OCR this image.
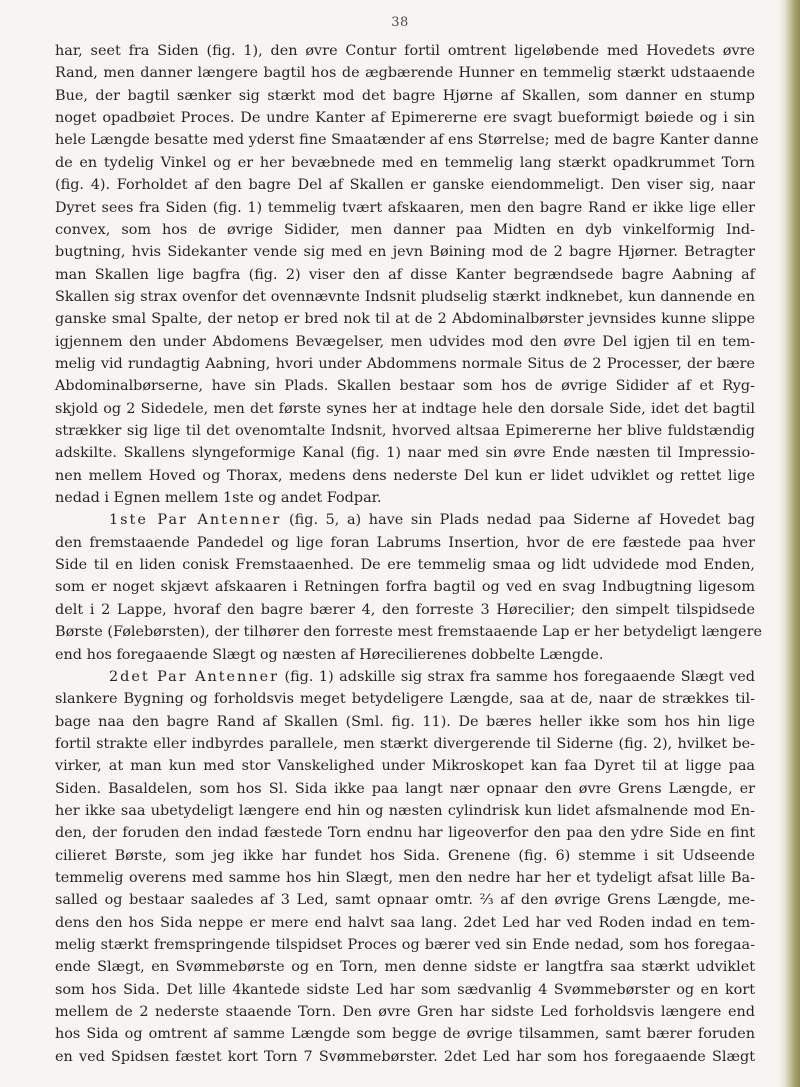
38
har, seet fra Siden (fig. 1), den øvre Contur fortil omtrent ligeløbende med Hovedets øvre
Rand, men danner længere bagtil hos de ægbærende Hunner en temmelig stærkt udstaaende
Bue, der bagtil sænker sig stærkt mod det bagre Hjørne af Skallen, som danner en stump
noget opadbøiet Proces. De undre Kanter af Epimererne ere svagt bueformigt bøiede og i sin
hele Længde besatte med yderst fine Smaatænder af ens Størrelse; med de bagre Kanter danne
de en tydelig Vinkel og er her bevæbnede med en temmelig lang stærkt opadkrummet Torn
(fig. 4). Forholdet af den bagre Del af Skallen er ganske eiendommeligt. Den viser sig, naar
Dyret sees fra Siden (fig. 1) temmelig tvært afskaaren, men den bagre Rand er ikke lige eller
convex, som hos de øvrige Sidider, men danner paa Midten en dyb vinkelformig Ind-
bugtning, hvis Sidekanter vende sig med en jevn Bøining mod de 2 bagre Hjørner. Betragter
man Skallen lige bagfra (fig. 2) viser den af disse Kanter begrændsede bagre Aabning af
Skallen sig strax ovenfor det ovennævnte Indsnit pludselig stærkt indknebet, kun dannende en
ganske smal Spalte, der netop er bred nok til at de 2 Abdominalbørster jevnsides kunne slippe
igjennem den under Abdomens Bevægelser, men udvides mod den øvre Del igjen til en tem-
melig vid rundagtig Aabning, hvori under Abdommens normale Situs de 2 Processer, der bære
Abdominalbørserne, have sin Plads. Skallen bestaar som hos de øvrige Sidider af et Ryg-
skjold og 2 Sidedele, men det første synes her at indtage hele den dorsale Side, idet det bagtil
strækker sig lige til det ovenomtalte Indsnit, hvorved altsaa Epimererne her blive fuldstændig
adskilte. Skallens slyngeformige Kanal (fig. 1) naar med sin øvre Ende næsten til Impressio-
nen mellem Hoved og Thorax, medens dens nederste Del kun er lidet udviklet og rettet lige
nedad i Egnen mellem 1ste og andet Fodpar.
1ste Par Antenner (fig. 5, a) have sin Plads nedad paa Siderne af Hovedet bag
den fremstaaende Pandedel og lige foran Labrums Insertion, hvor de ere fæstede paa hver
Side til en liden conisk Fremstaaenhed. De ere temmelig smaa og lidt udvidede mod Enden,
som er noget skjævt afskaaren i Retningen forfra bagtil og ved en svag Indbugtning ligesom
delt i 2 Lappe, hvoraf den bagre bærer 4, den forreste 3 Hørecilier; den simpelt tilspidsede
Børste (Følebørsten), der tilhører den forreste mest fremstaaende Lap er her betydeligt længere
end hos foregaaende Slægt og næsten af Hørecilierenes dobbelte Længde.
2det Par Antenner (fig. 1) adskille sig strax fra samme hos foregaaende Slægt ved
slankere Bygning og forholdsvis meget betydeligere Længde, saa at de, naar de strækkes til-
bage naa den bagre Rand af Skallen (Sml. fig. 11). De bæres heller ikke som hos hin lige
fortil strakte eller indbyrdes parallele, men stærkt divergerende til Siderne (fig. 2), hvilket be-
virker, at man kun med stor Vanskelighed under Mikroskopet kan faa Dyret til at ligge paa
Siden. Basaldelen, som hos Sl. Sida ikke paa langt nær opnaar den øvre Grens Længde, er
her ikke saa ubetydeligt længere end hin og næsten cylindrisk kun lidet afsmalnende mod En-
den, der foruden den indad fæstede Torn endnu har ligeoverfor den paa den ydre Side en fint
cilieret Børste, som jeg ikke har fundet hos Sida. Grenene (fig. 6) stemme i sit Udseende
temmelig overens med samme hos hin Slægt, men den nedre har her et tydeligt afsat lille Ba-
salled og bestaar saaledes af 3 Led, samt opnaar omtr. ⅔ af den øvrige Grens Længde, me-
dens den hos Sida neppe er mere end halvt saa lang. 2det Led har ved Roden indad en tem-
melig stærkt fremspringende tilspidset Proces og bærer ved sin Ende nedad, som hos foregaa-
ende Slægt, en Svømmebørste og en Torn, men denne sidste er langtfra saa stærkt udviklet
som hos Sida. Det lille 4kantede sidste Led har som sædvanlig 4 Svømmebørster og en kort
mellem de 2 nederste staaende Torn. Den øvre Gren har sidste Led forholdsvis længere end
hos Sida og omtrent af samme Længde som begge de øvrige tilsammen, samt bærer foruden
en ved Spidsen fæstet kort Torn 7 Svømmebørster. 2det Led har som hos foregaaende Slægt
